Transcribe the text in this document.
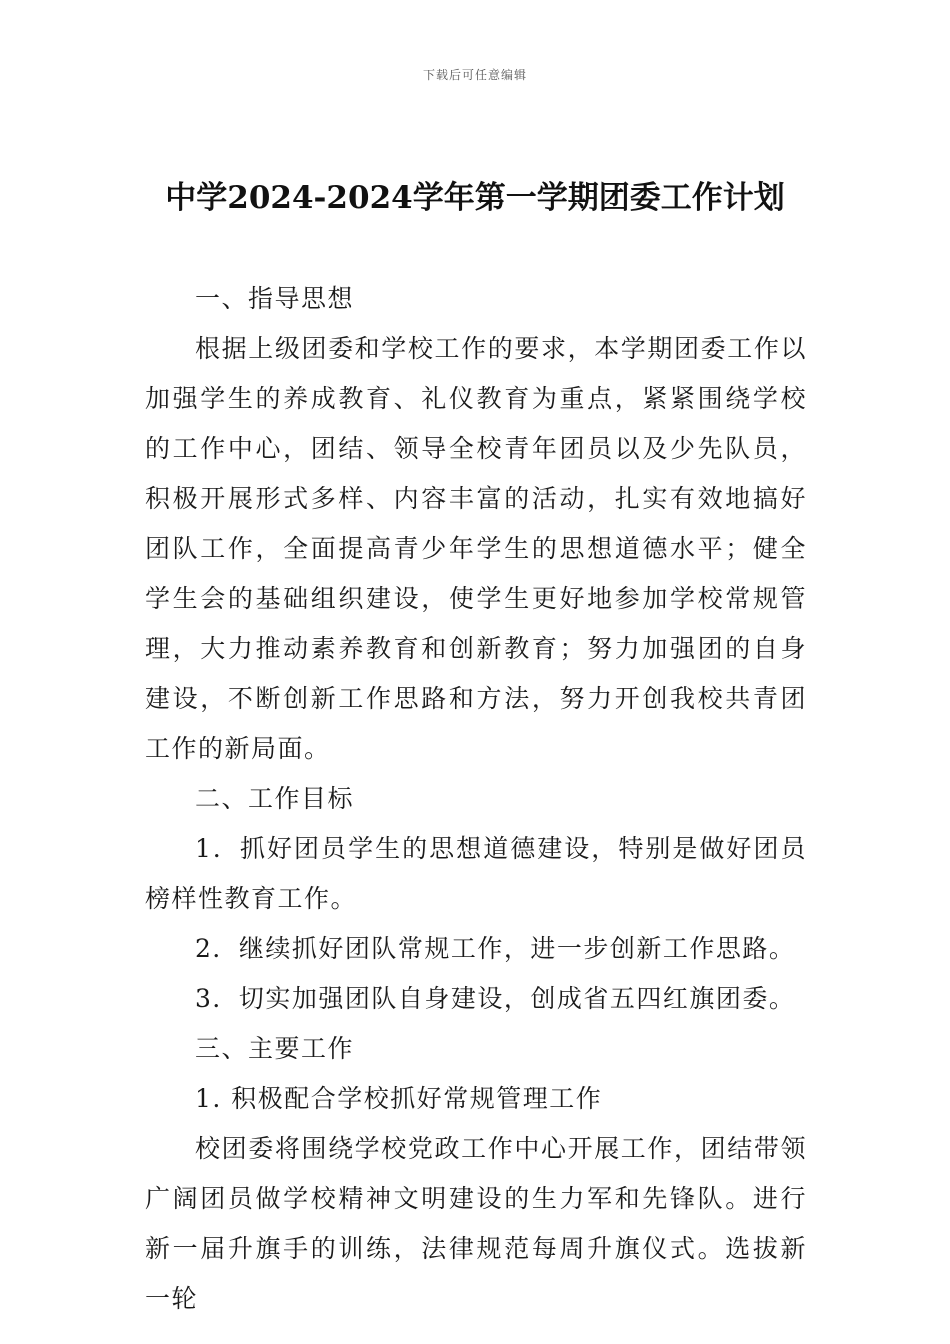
下载后可任意编辑
中学2024-2024学年第一学期团委工作计划

一、指导思想

根据上级团委和学校工作的要求，本学期团委工作以加强学生的养成教育、礼仪教育为重点，紧紧围绕学校的工作中心，团结、领导全校青年团员以及少先队员，积极开展形式多样、内容丰富的活动，扎实有效地搞好团队工作，全面提高青少年学生的思想道德水平；健全学生会的基础组织建设，使学生更好地参加学校常规管理，大力推动素养教育和创新教育；努力加强团的自身建设，不断创新工作思路和方法，努力开创我校共青团工作的新局面。

二、工作目标

1．抓好团员学生的思想道德建设，特别是做好团员榜样性教育工作。

2．继续抓好团队常规工作，进一步创新工作思路。

3．切实加强团队自身建设，创成省五四红旗团委。

三、主要工作

1. 积极配合学校抓好常规管理工作

校团委将围绕学校党政工作中心开展工作，团结带领广阔团员做学校精神文明建设的生力军和先锋队。进行新一届升旗手的训练，法律规范每周升旗仪式。选拔新一轮
